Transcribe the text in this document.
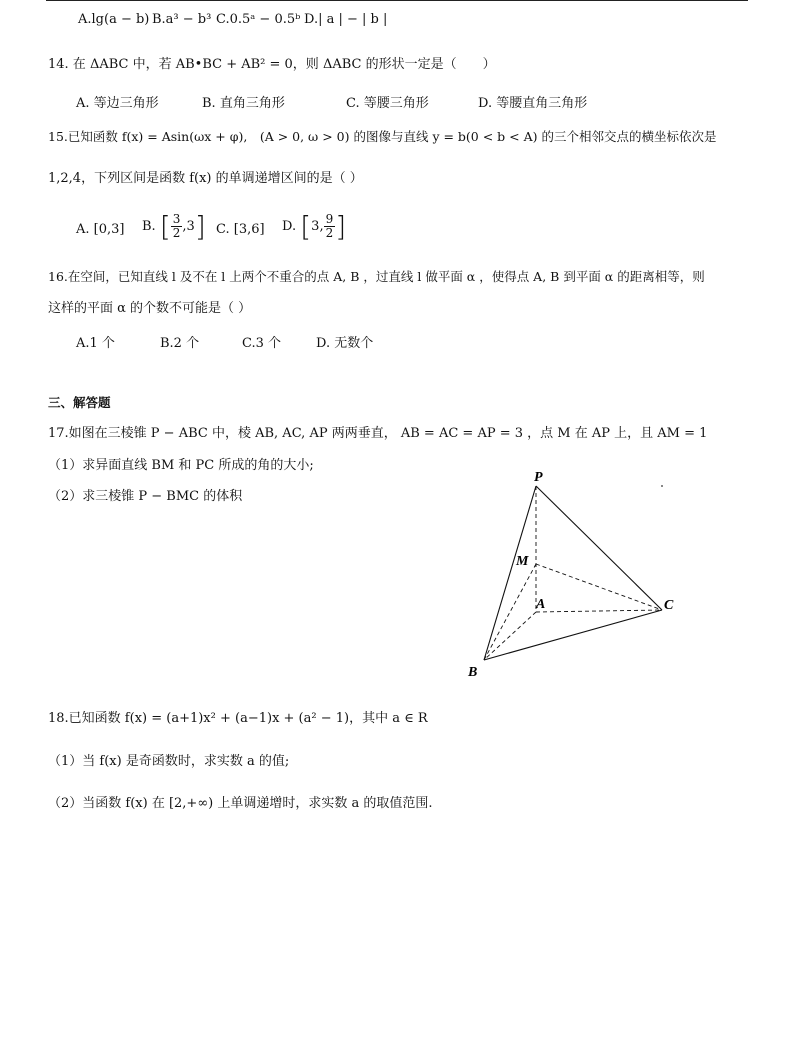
A.lg(a − b) B.a³ − b³ C.0.5ᵃ − 0.5ᵇ D.| a | − | b |
14. 在 ΔABC 中，若 AB•BC + AB² = 0，则 ΔABC 的形状一定是（　　）
A. 等边三角形	B. 直角三角形	C. 等腰三角形	D. 等腰直角三角形
15.已知函数 f(x) = Asin(ωx + φ),　(A > 0, ω > 0) 的图像与直线 y = b(0 < b < A) 的三个相邻交点的横坐标依次是
1,2,4，下列区间是函数 f(x) 的单调递增区间的是（ ）
A. [0,3] B. [ $\frac{3}{2} ,3$] C. [3,6] D. [3, $\frac{9}{2}$ ]
16.在空间，已知直线 l 及不在 l 上两个不重合的点 A, B ，过直线 l 做平面 α ，使得点 A, B 到平面 α 的距离相等，则
这样的平面 α 的个数不可能是（ ）
A.1 个	B.2 个	C.3 个	D. 无数个
三、解答题
17.如图在三棱锥 P − ABC 中，棱 AB, AC, AP 两两垂直， AB = AC = AP = 3 ，点 M 在 AP 上，且 AM = 1
（1）求异面直线 BM 和 PC 所成的角的大小;
（2）求三棱锥 P − BMC 的体积
P
M
A	C
B
18.已知函数 f(x) = (a+1)x² + (a−1)x + (a² − 1)，其中 a ∈ R
（1）当 f(x) 是奇函数时，求实数 a 的值;
（2）当函数 f(x) 在 [2,+∞) 上单调递增时，求实数 a 的取值范围.
